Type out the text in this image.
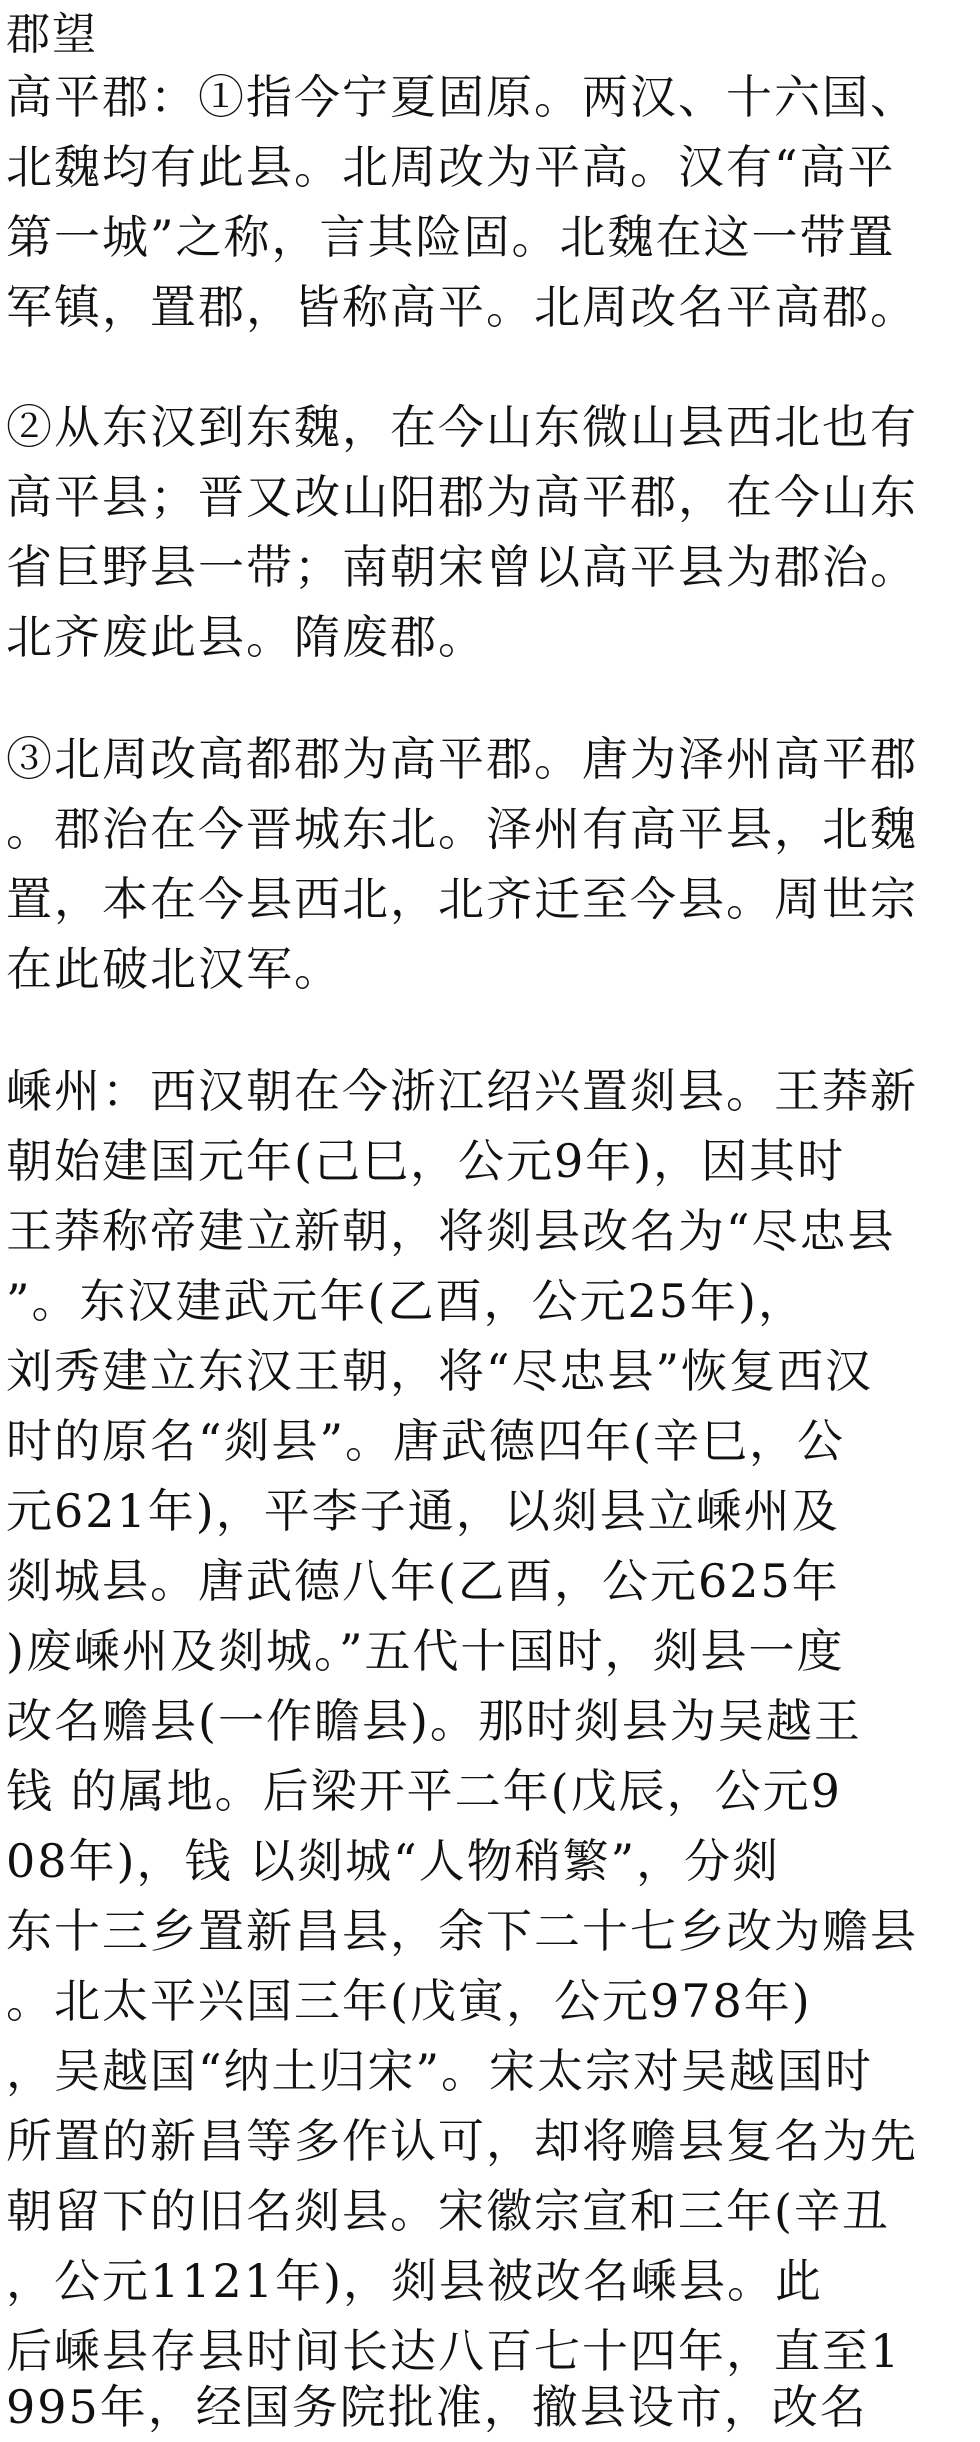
郡望
高平郡：①指今宁夏固原。两汉、十六国、
北魏均有此县。北周改为平高。汉有“高平
第一城”之称，言其险固。北魏在这一带置
军镇，置郡，皆称高平。北周改名平高郡。
②从东汉到东魏，在今山东微山县西北也有
高平县；晋又改山阳郡为高平郡，在今山东
省巨野县一带；南朝宋曾以高平县为郡治。
北齐废此县。隋废郡。
③北周改高都郡为高平郡。唐为泽州高平郡
。郡治在今晋城东北。泽州有高平县，北魏
置，本在今县西北，北齐迁至今县。周世宗
在此破北汉军。
嵊州：西汉朝在今浙江绍兴置剡县。王莽新
朝始建国元年(己巳，公元9年)，因其时
王莽称帝建立新朝，将剡县改名为“尽忠县
”。东汉建武元年(乙酉，公元25年)，
刘秀建立东汉王朝，将“尽忠县”恢复西汉
时的原名“剡县”。唐武德四年(辛巳，公
元621年)，平李子通，以剡县立嵊州及
剡城县。唐武德八年(乙酉，公元625年
)废嵊州及剡城。”五代十国时，剡县一度
改名赡县(一作瞻县)。那时剡县为吴越王
钱 的属地。后梁开平二年(戊辰，公元9
08年)，钱 以剡城“人物稍繁”，分剡
东十三乡置新昌县，余下二十七乡改为赡县
。北太平兴国三年(戊寅，公元978年)
，吴越国“纳土归宋”。宋太宗对吴越国时
所置的新昌等多作认可，却将赡县复名为先
朝留下的旧名剡县。宋徽宗宣和三年(辛丑
，公元1121年)，剡县被改名嵊县。此
后嵊县存县时间长达八百七十四年，直至1
995年，经国务院批准，撤县设市，改名
